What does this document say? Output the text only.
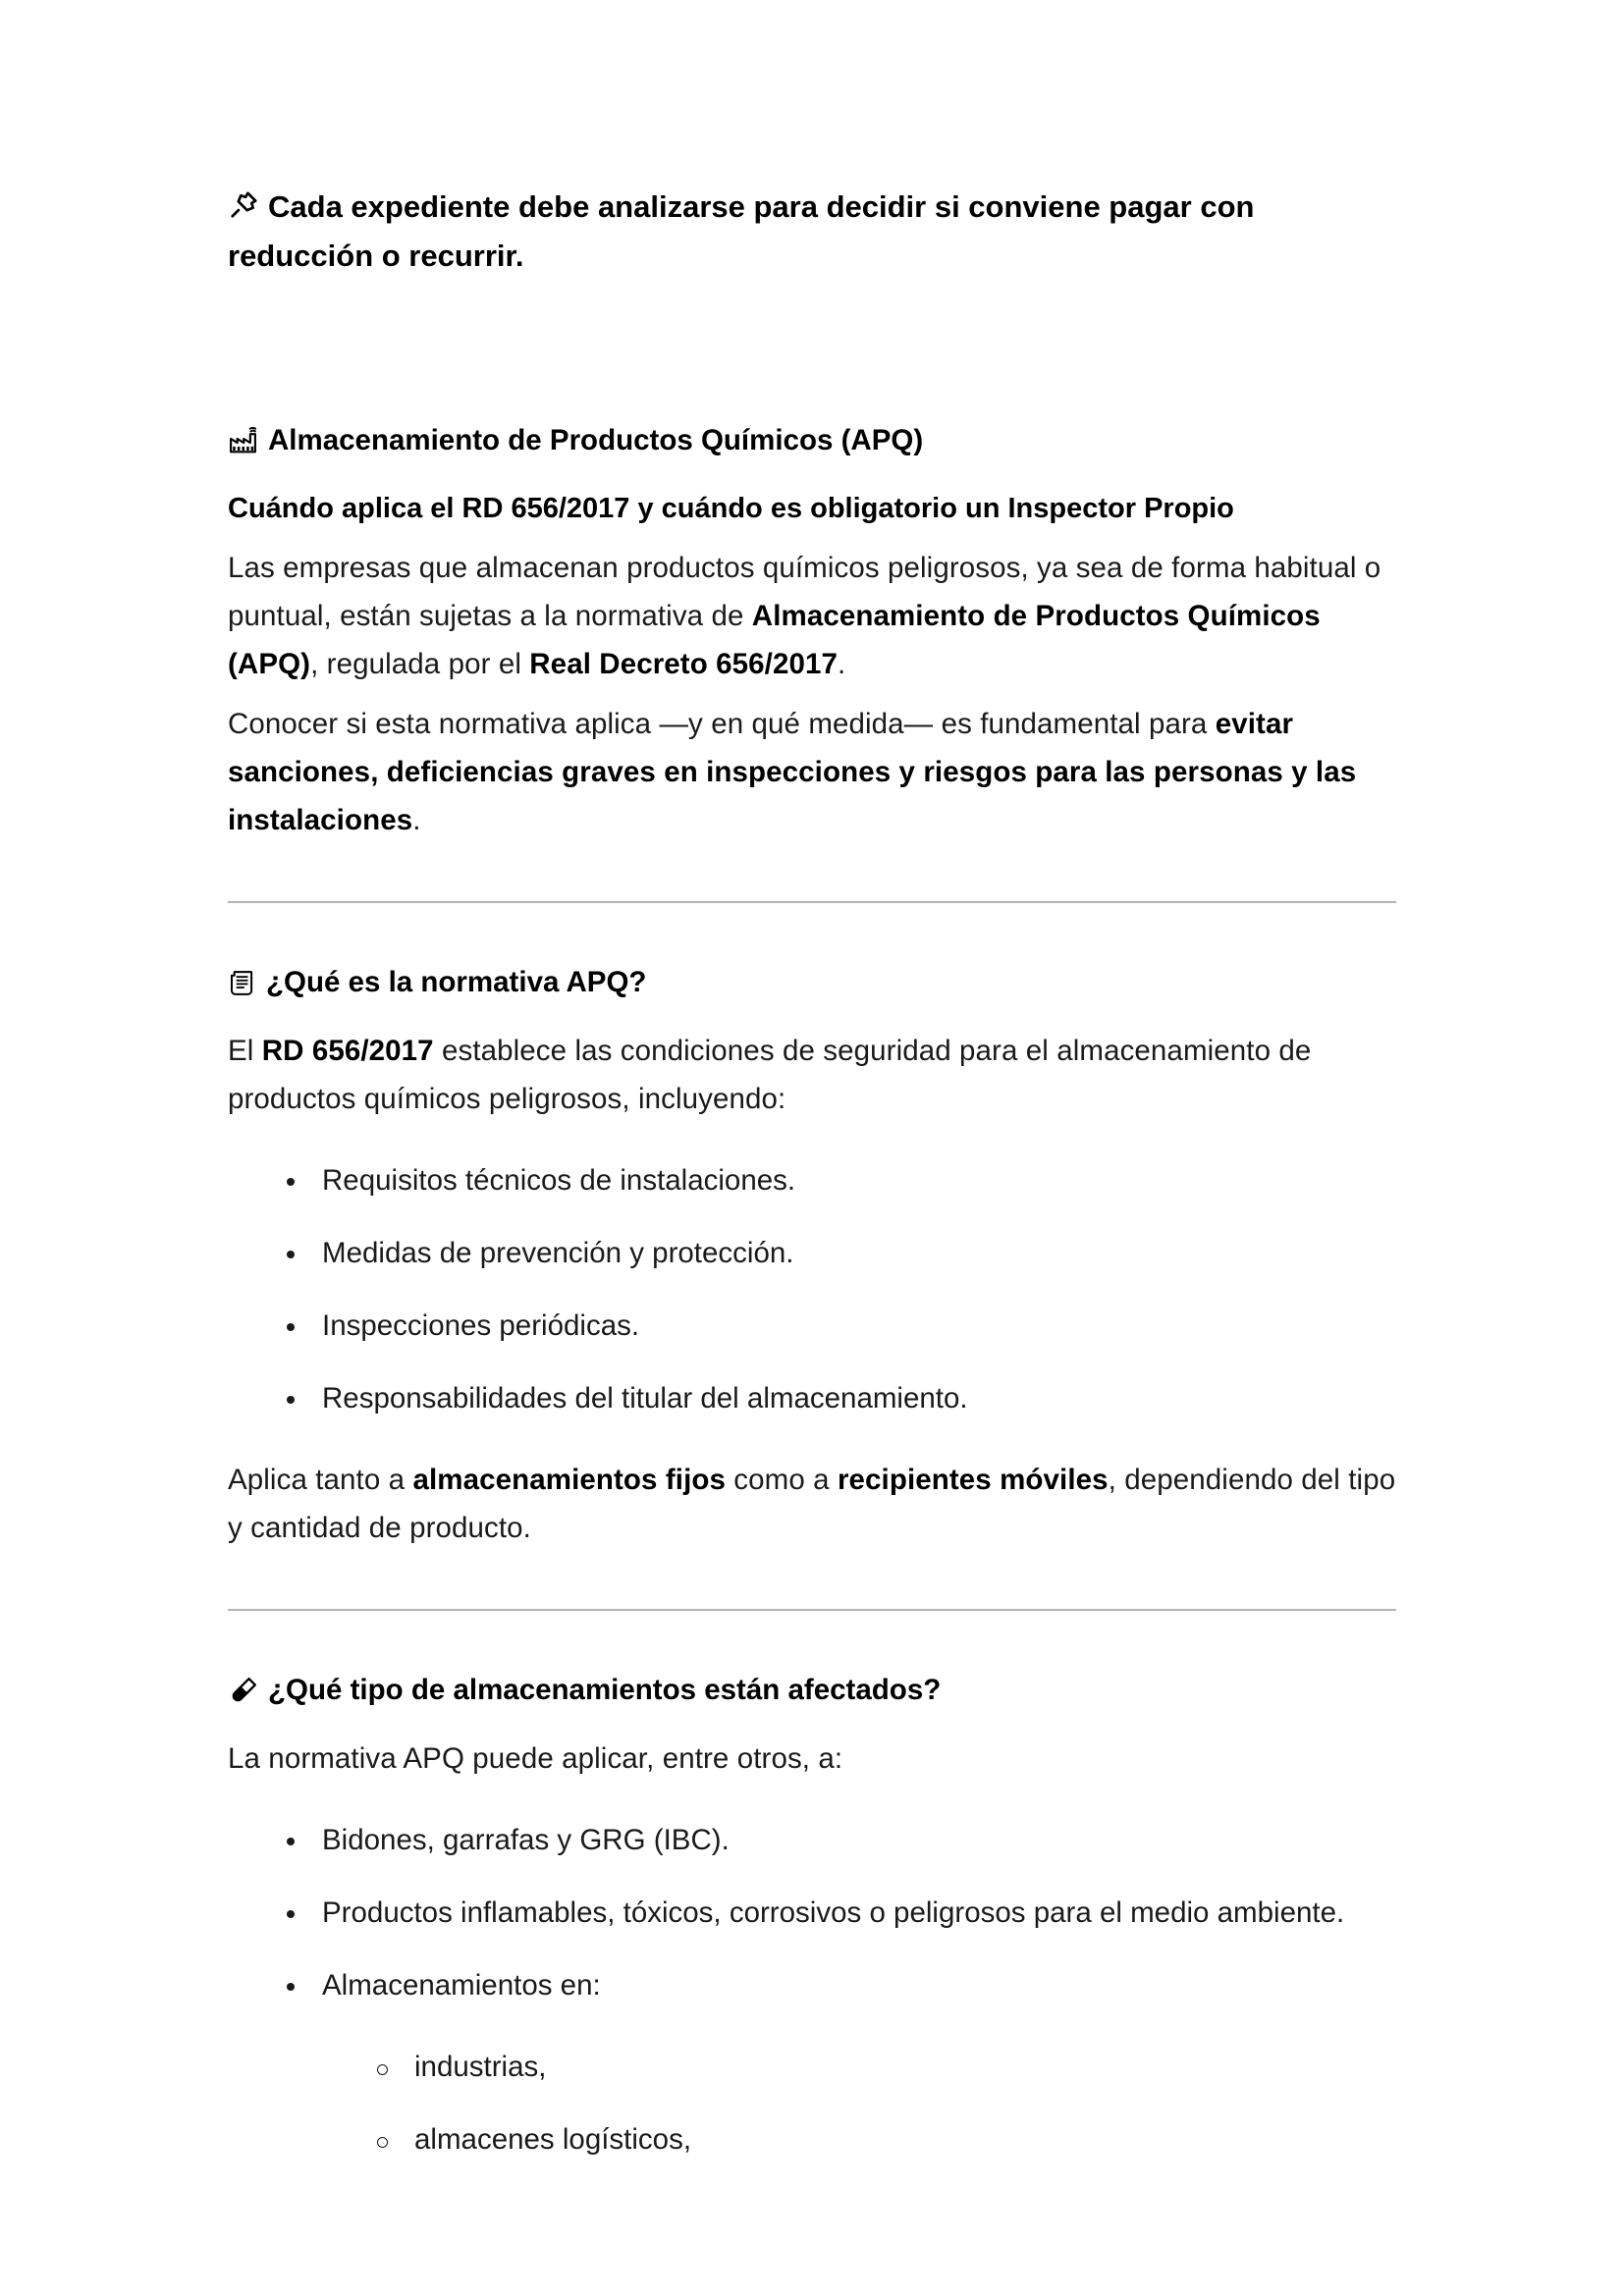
Cada expediente debe analizarse para decidir si conviene pagar con reducción o recurrir.

Almacenamiento de Productos Químicos (APQ)

Cuándo aplica el RD 656/2017 y cuándo es obligatorio un Inspector Propio

Las empresas que almacenan productos químicos peligrosos, ya sea de forma habitual o puntual, están sujetas a la normativa de Almacenamiento de Productos Químicos (APQ), regulada por el Real Decreto 656/2017.

Conocer si esta normativa aplica —y en qué medida— es fundamental para evitar sanciones, deficiencias graves en inspecciones y riesgos para las personas y las instalaciones.

¿Qué es la normativa APQ?

El RD 656/2017 establece las condiciones de seguridad para el almacenamiento de productos químicos peligrosos, incluyendo:

Requisitos técnicos de instalaciones.
Medidas de prevención y protección.
Inspecciones periódicas.
Responsabilidades del titular del almacenamiento.

Aplica tanto a almacenamientos fijos como a recipientes móviles, dependiendo del tipo y cantidad de producto.

¿Qué tipo de almacenamientos están afectados?

La normativa APQ puede aplicar, entre otros, a:

Bidones, garrafas y GRG (IBC).
Productos inflamables, tóxicos, corrosivos o peligrosos para el medio ambiente.
Almacenamientos en:
industrias,
almacenes logísticos,
